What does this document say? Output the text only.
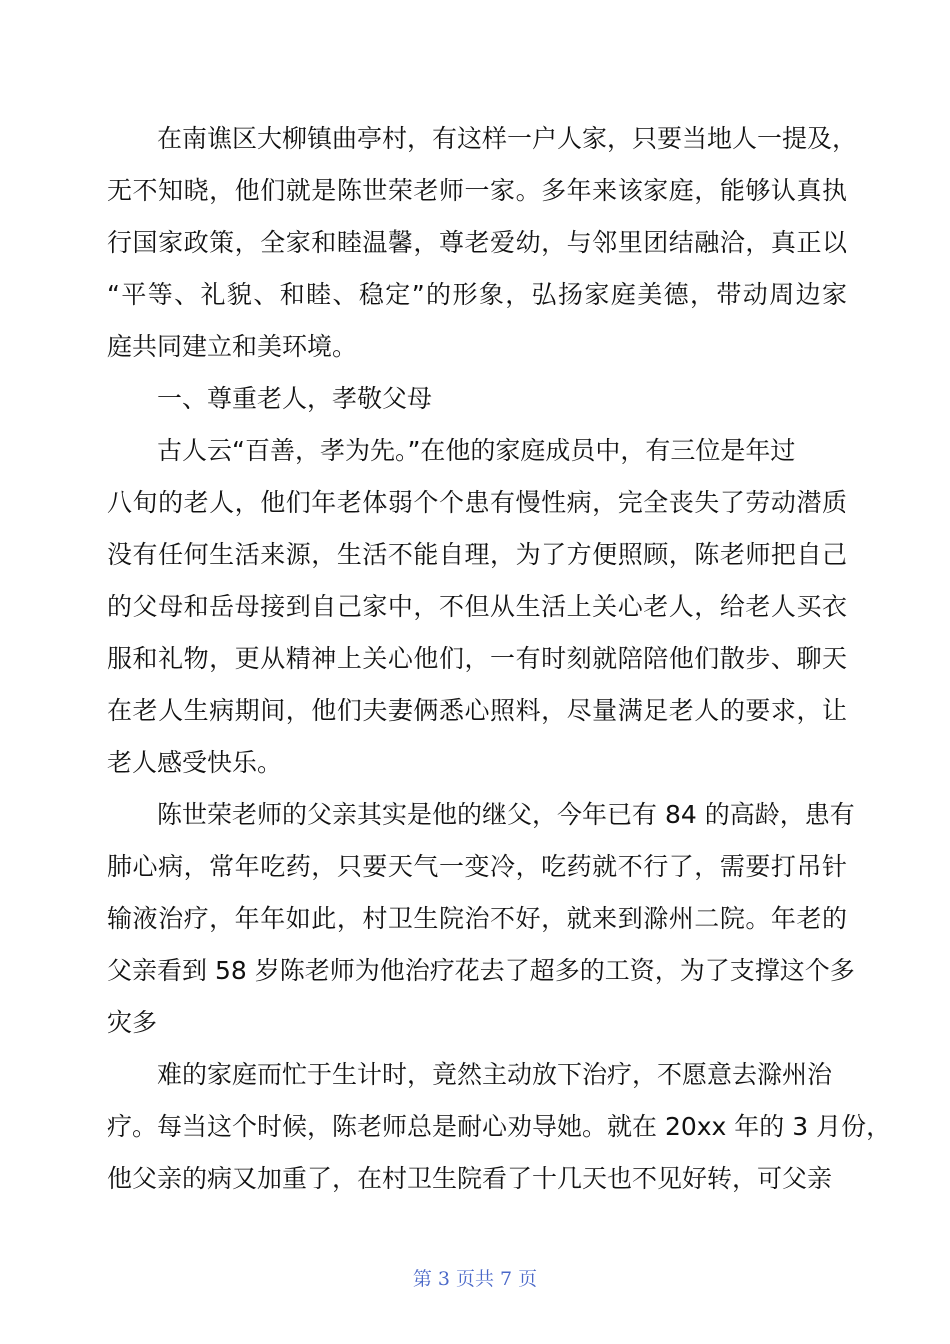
在南谯区大柳镇曲亭村，有这样一户人家，只要当地人一提及，
无不知晓，他们就是陈世荣老师一家。多年来该家庭，能够认真执
行国家政策，全家和睦温馨，尊老爱幼，与邻里团结融洽，真正以
“平等、礼貌、和睦、稳定”的形象，弘扬家庭美德，带动周边家
庭共同建立和美环境。
一、尊重老人，孝敬父母
古人云“百善，孝为先。”在他的家庭成员中，有三位是年过
八旬的老人，他们年老体弱个个患有慢性病，完全丧失了劳动潜质
没有任何生活来源，生活不能自理，为了方便照顾，陈老师把自己
的父母和岳母接到自己家中，不但从生活上关心老人，给老人买衣
服和礼物，更从精神上关心他们，一有时刻就陪陪他们散步、聊天
在老人生病期间，他们夫妻俩悉心照料，尽量满足老人的要求，让
老人感受快乐。
陈世荣老师的父亲其实是他的继父，今年已有 84 的高龄，患有
肺心病，常年吃药，只要天气一变冷，吃药就不行了，需要打吊针
输液治疗，年年如此，村卫生院治不好，就来到滁州二院。年老的
父亲看到 58 岁陈老师为他治疗花去了超多的工资，为了支撑这个多
灾多
难的家庭而忙于生计时，竟然主动放下治疗，不愿意去滁州治
疗。每当这个时候，陈老师总是耐心劝导她。就在 20xx 年的 3 月份，
他父亲的病又加重了，在村卫生院看了十几天也不见好转，可父亲
第 3 页共 7 页
